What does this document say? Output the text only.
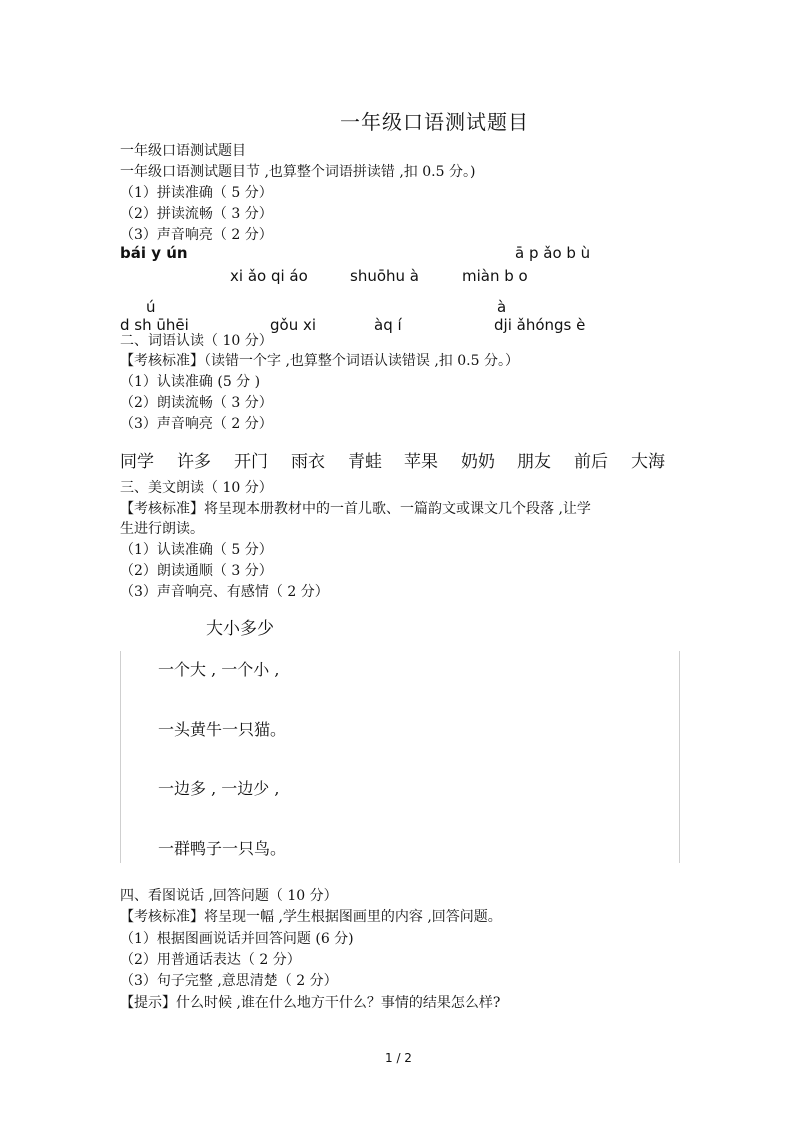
一年级口语测试题目
一年级口语测试题目
一年级口语测试题目节 ,也算整个词语拼读错 ,扣 0.5 分。)
（1）拼读准确（ 5 分）
（2）拼读流畅（ 3 分）
（3）声音响亮（ 2 分）
bái y ún	ā p ǎo b ù
xi ǎo qi áo	shuōhu à	miàn b o
ú	à
d sh ūhēi	gǒu xi	àq í	dji ǎhóngs è
二、词语认读（ 10 分）
【考核标准】（读错一个字 ,也算整个词语认读错误 ,扣 0.5 分。）
（1）认读准确 (5 分 )
（2）朗读流畅（ 3 分）
（3）声音响亮（ 2 分）
同学 许多 开门 雨衣 青蛙 苹果 奶奶 朋友 前后 大海
三、美文朗读（ 10 分）
【考核标准】将呈现本册教材中的一首儿歌、一篇韵文或课文几个段落 ,让学
生进行朗读。
（1）认读准确（ 5 分）
（2）朗读通顺（ 3 分）
（3）声音响亮、有感情（ 2 分）
大小多少
一个大 , 一个小 ,
一头黄牛一只猫。
一边多 , 一边少 ,
一群鸭子一只鸟。
四、看图说话 ,回答问题（ 10 分）
【考核标准】将呈现一幅 ,学生根据图画里的内容 ,回答问题。
（1）根据图画说话并回答问题 (6 分)
（2）用普通话表达（ 2 分）
（3）句子完整 ,意思清楚（ 2 分）
【提示】什么时候 ,谁在什么地方干什么？事情的结果怎么样?
1 / 2
